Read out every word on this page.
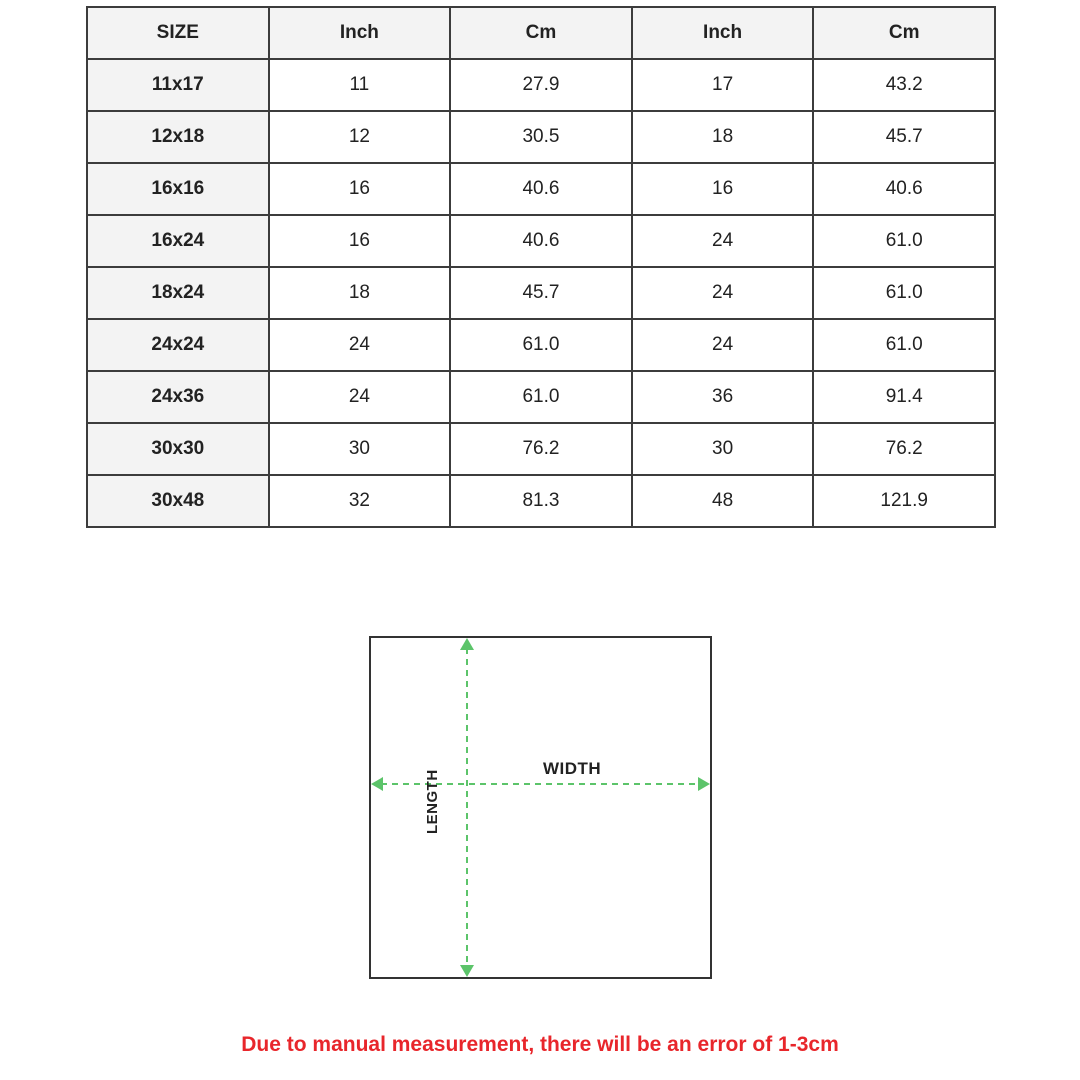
SIZE	Inch	Cm	Inch	Cm
11x17	11	27.9	17	43.2
12x18	12	30.5	18	45.7
16x16	16	40.6	16	40.6
16x24	16	40.6	24	61.0
18x24	18	45.7	24	61.0
24x24	24	61.0	24	61.0
24x36	24	61.0	36	91.4
30x30	30	76.2	30	76.2
30x48	32	81.3	48	121.9
WIDTH
LENGTH
Due to manual measurement, there will be an error of 1-3cm
